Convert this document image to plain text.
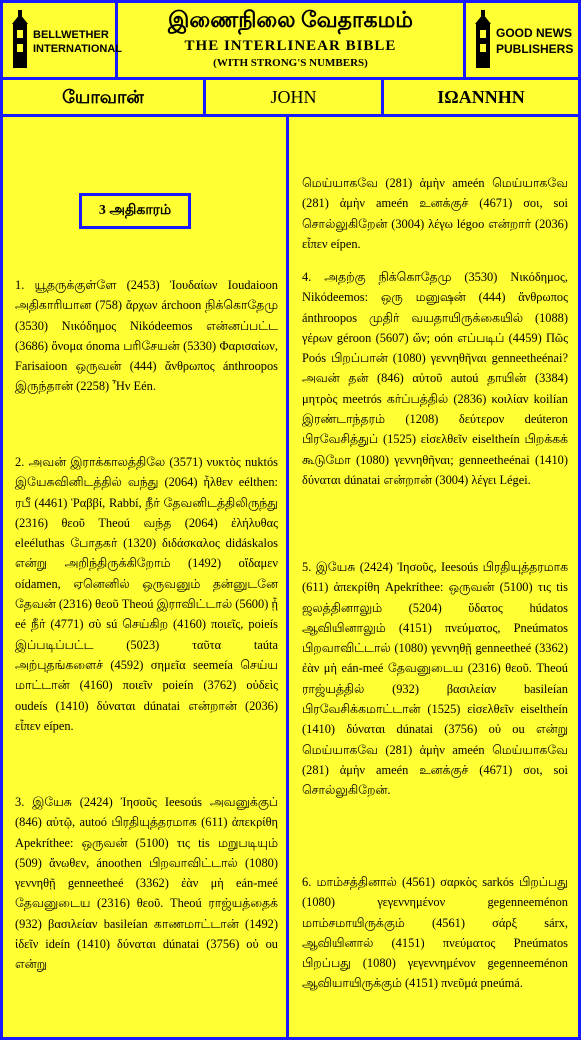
BELLWETHER
INTERNATIONAL
இணைநிலை வேதாகமம்
THE INTERLINEAR BIBLE
(WITH STRONG'S NUMBERS)
GOOD NEWS
PUBLISHERS
யோவான்	JOHN	ΙΩΑΝΝΗΝ
3 அதிகாரம்

1. யூதருக்குள்ளே (2453) Ἰουδαίων Ioudaioon அதிகாரியான (758) ἄρχων árchoon நிக்கொதேமு (3530) Νικόδημος Nikódeemos என்னப்பட்ட (3686) ὄνομα ónoma பரிசேயன் (5330) Φαρισαίων, Farisaioon ஒருவன் (444) ἄνθρωπος ánthroopos இருந்தான் (2258) Ἦν Eén.

2. அவன் இராக்காலத்திலே (3571) νυκτὸς nuktós இயேசுவினிடத்தில் வந்து (2064) ἦλθεν eélthen: ரபீ (4461) Ῥαββί, Rabbí, நீர் தேவனிடத்திலிருந்து (2316) θεοῦ Theoú வந்த (2064) ἐλήλυθας eleéluthas போதகர் (1320) διδάσκαλος didáskalos என்று அறிந்திருக்கிறோம் (1492) οἴδαμεν oídamen, ஏனெனில் ஒருவனும் தன்னுடனே தேவன் (2316) θεοῦ Theoú இராவிட்டால் (5600) ᾖ eé நீர் (4771) σὺ sú செய்கிற (4160) ποιεῖς, poieís இப்படிப்பட்ட (5023) ταῦτα taúta அற்புதங்களைச் (4592) σημεῖα seemeía செய்ய மாட்டான் (4160) ποιεῖν poieín (3762) οὐδεὶς oudeís (1410) δύναται dúnatai என்றான் (2036) εἶπεν eípen.

3. இயேசு (2424) Ἰησοῦς Ieesoús அவனுக்குப் (846) αὐτῷ, autoó பிரதியுத்தரமாக (611) ἀπεκρίθη Apekríthee: ஒருவன் (5100) τις tis மறுபடியும் (509) ἄνωθεν, ánoothen பிறவாவிட்டால் (1080) γεννηθῇ genneetheé (3362) ἐὰν μὴ eán-meé தேவனுடைய (2316) θεοῦ. Theoú ராஜ்யத்தைக் (932) βασιλείαν basileían காணமாட்டான் (1492) ἰδεῖν ideín (1410) δύναται dúnatai (3756) οὐ ou என்று

மெய்யாகவே (281) ἀμὴν ameén மெய்யாகவே (281) ἀμὴν ameén உனக்குச் (4671) σοι, soi சொல்லுகிறேன் (3004) λέγω légoo என்றார் (2036) εἶπεν eípen.

4. அதற்கு நிக்கொதேமு (3530) Νικόδημος, Nikódeemos: ஒரு மனுஷன் (444) ἄνθρωπος ánthroopos முதிர் வயதாயிருக்கையில் (1088) γέρων géroon (5607) ὤν; oón எப்படிப் (4459) Πῶς Poós பிறப்பான் (1080) γεννηθῆναι genneetheénai? அவன் தன் (846) αὐτοῦ autoú தாயின் (3384) μητρὸς meetrós கர்ப்பத்தில் (2836) κοιλίαν koilían இரண்டாந்தரம் (1208) δεύτερον deúteron பிரவேசித்துப் (1525) εἰσελθεῖν eiseltheín பிறக்கக் கூடுமோ (1080) γεννηθῆναι; genneetheénai (1410) δύναται dúnatai என்றான் (3004) λέγει Légei.

5. இயேசு (2424) Ἰησοῦς, Ieesoús பிரதியுத்தரமாக (611) ἀπεκρίθη Apekríthee: ஒருவன் (5100) τις tis ஜலத்தினாலும் (5204) ὕδατος húdatos ஆவியினாலும் (4151) πνεύματος, Pneúmatos பிறவாவிட்டால் (1080) γεννηθῇ genneetheé (3362) ἐὰν μὴ eán-meé தேவனுடைய (2316) θεοῦ. Theoú ராஜ்யத்தில் (932) βασιλείαν basileían பிரவேசிக்கமாட்டான் (1525) εἰσελθεῖν eiseltheín (1410) δύναται dúnatai (3756) οὐ ou என்று மெய்யாகவே (281) ἀμὴν ameén மெய்யாகவே (281) ἀμὴν ameén உனக்குச் (4671) σοι, soi சொல்லுகிறேன்.

6. மாம்சத்தினால் (4561) σαρκὸς sarkós பிறப்பது (1080) γεγεννημένον gegenneeménon மாம்சமாயிருக்கும் (4561) σάρξ sárx, ஆவியினால் (4151) πνεύματος Pneúmatos பிறப்பது (1080) γεγεννημένον gegenneeménon ஆவியாயிருக்கும் (4151) πνεῦμά pneúmá.
